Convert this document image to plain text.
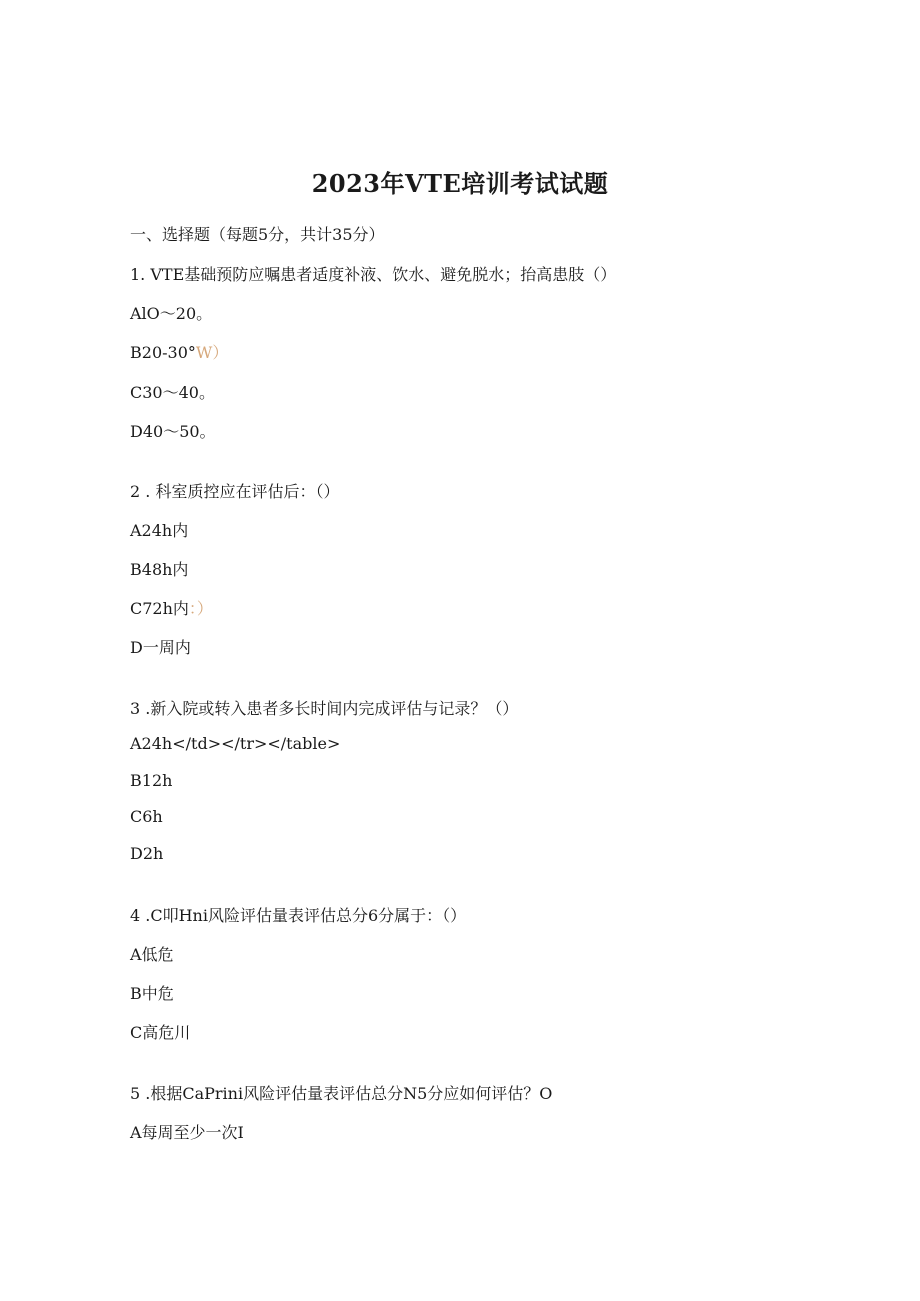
2023年VTE培训考试试题
一、选择题（每题5分，共计35分）
1. VTE基础预防应嘱患者适度补液、饮水、避免脱水；抬高患肢（）
AlO～20。
B20-30°W）
C30～40。
D40～50。
2 . 科室质控应在评估后：（）
A24h内
B48h内
C72h内：）
D一周内
3 .新入院或转入患者多长时间内完成评估与记录？（）
A24h</td></tr></table>
B12h
C6h
D2h
4 .C叩Hni风险评估量表评估总分6分属于：（）
A低危
B中危
C高危川
5 .根据CaPrini风险评估量表评估总分N5分应如何评估？O
A每周至少一次I
